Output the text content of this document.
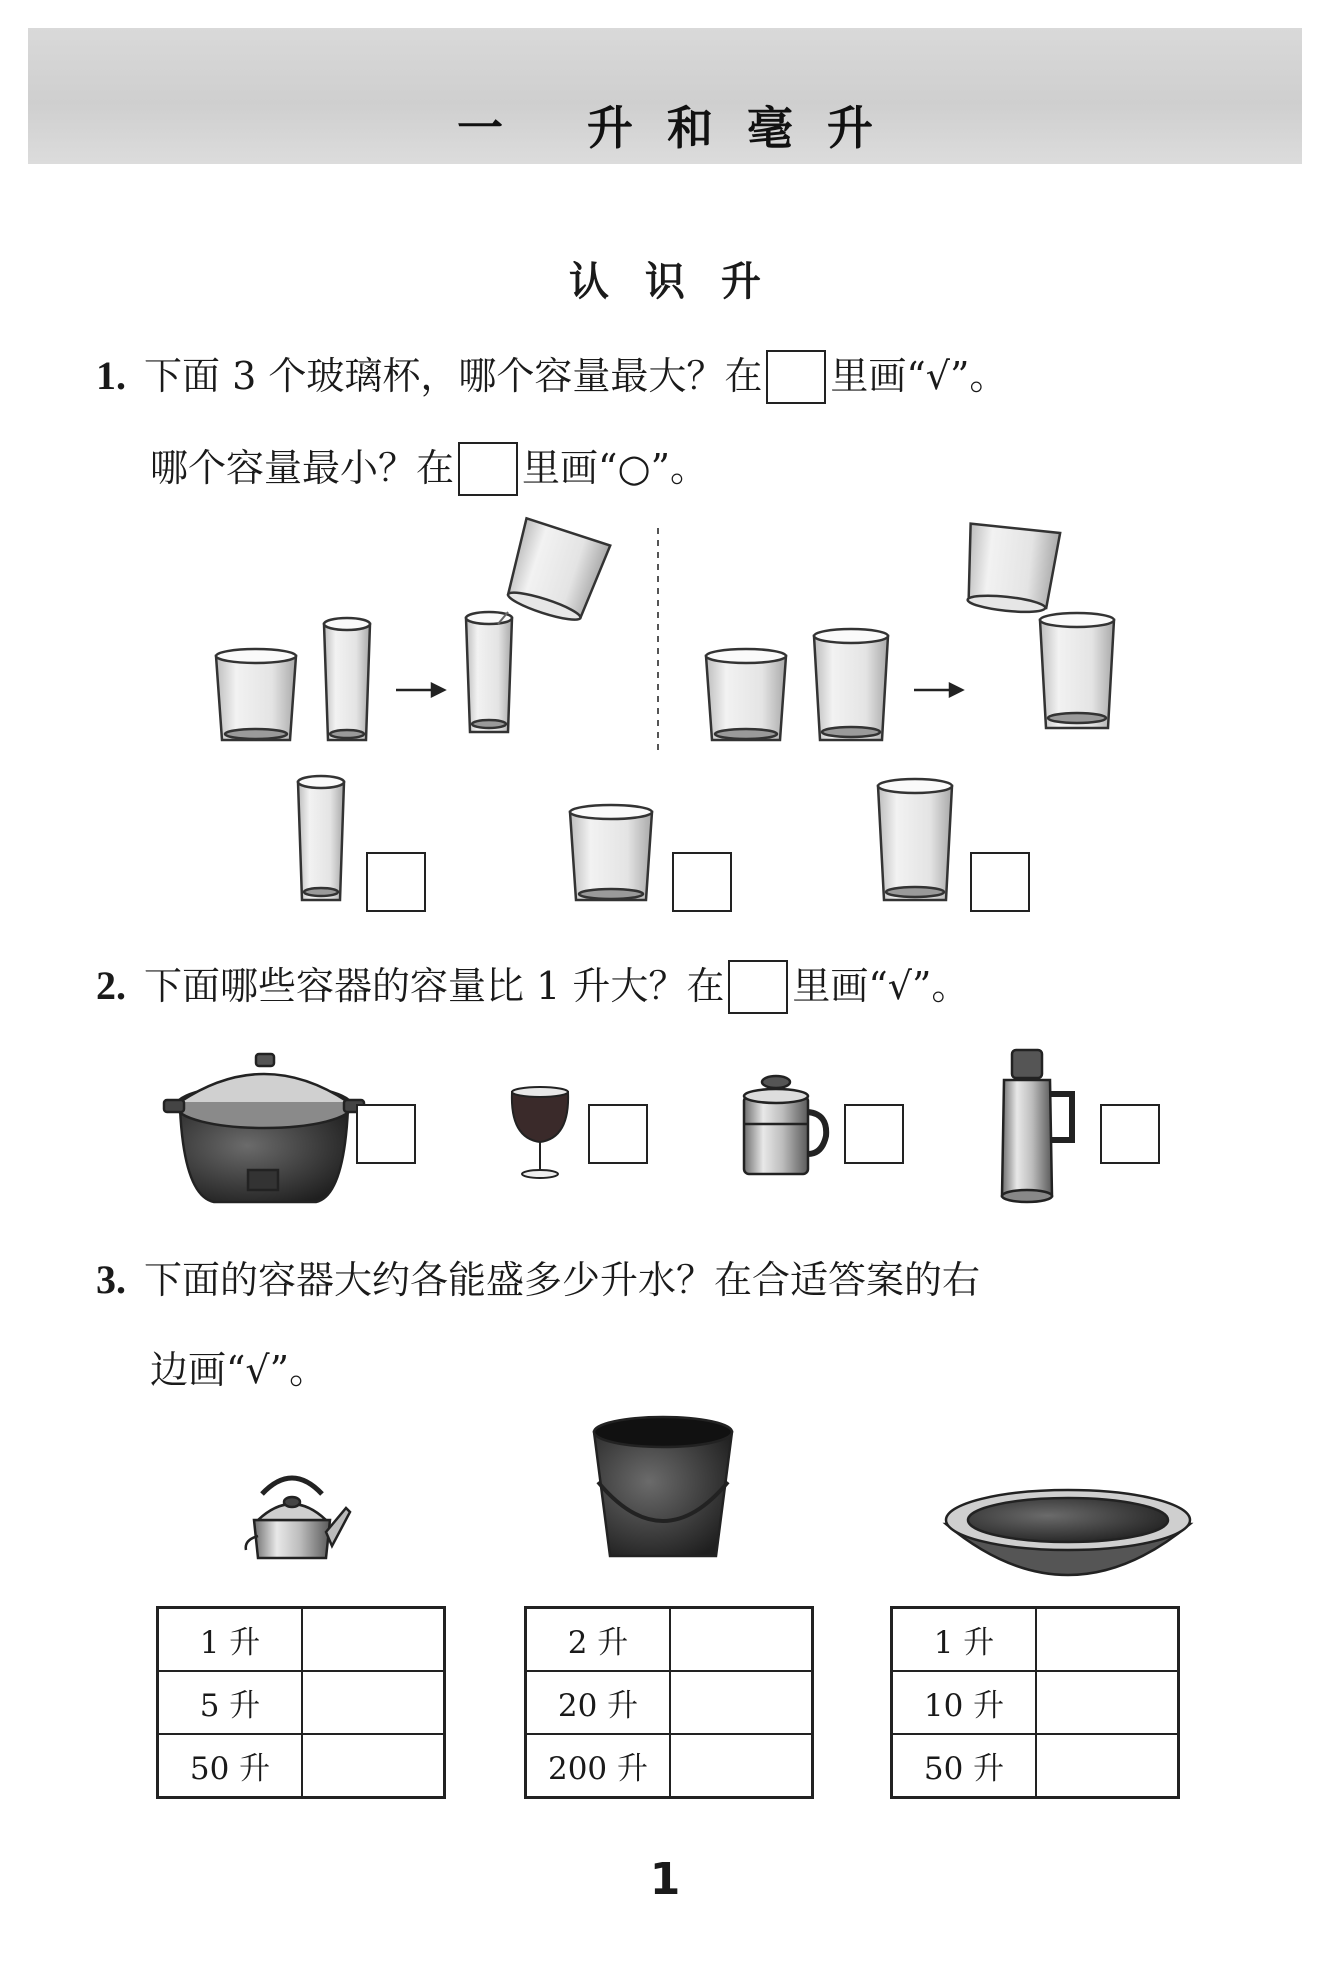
一 升和毫升
认识升
1. 下面 3 个玻璃杯，哪个容量最大？在 里画“√”。
哪个容量最小？在 里画“○”。
2. 下面哪些容器的容量比 1 升大？在 里画“√”。
3. 下面的容器大约各能盛多少升水？在合适答案的右
边画“√”。
1 升	
5 升	
50 升	
2 升	
20 升	
200 升	
1 升	
10 升	
50 升	
1
